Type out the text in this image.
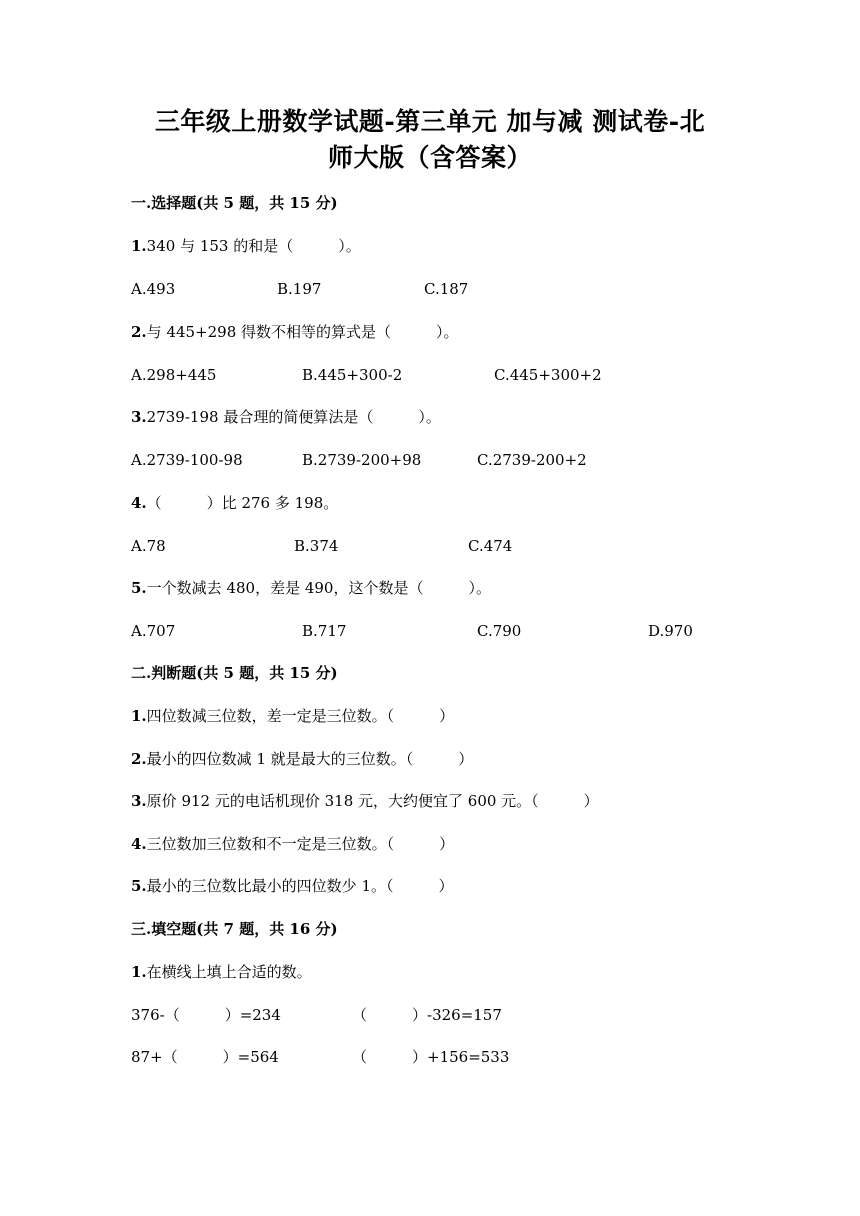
三年级上册数学试题-第三单元 加与减 测试卷-北
师大版（含答案）
一.选择题(共 5 题，共 15 分)
1.340 与 153 的和是（　　　）。
A.493	B.197	C.187
2.与 445+298 得数不相等的算式是（　　　）。
A.298+445	B.445+300-2	C.445+300+2
3.2739-198 最合理的简便算法是（　　　）。
A.2739-100-98	B.2739-200+98	C.2739-200+2
4.（　　　）比 276 多 198。
A.78	B.374	C.474
5.一个数减去 480，差是 490，这个数是（　　　）。
A.707	B.717	C.790	D.970
二.判断题(共 5 题，共 15 分)
1.四位数减三位数，差一定是三位数。（　　　）
2.最小的四位数减 1 就是最大的三位数。（　　　）
3.原价 912 元的电话机现价 318 元，大约便宜了 600 元。（　　　）
4.三位数加三位数和不一定是三位数。（　　　）
5.最小的三位数比最小的四位数少 1。（　　　）
三.填空题(共 7 题，共 16 分)
1.在横线上填上合适的数。
376-（　　　）=234	（　　　）-326=157
87+（　　　）=564	（　　　）+156=533
